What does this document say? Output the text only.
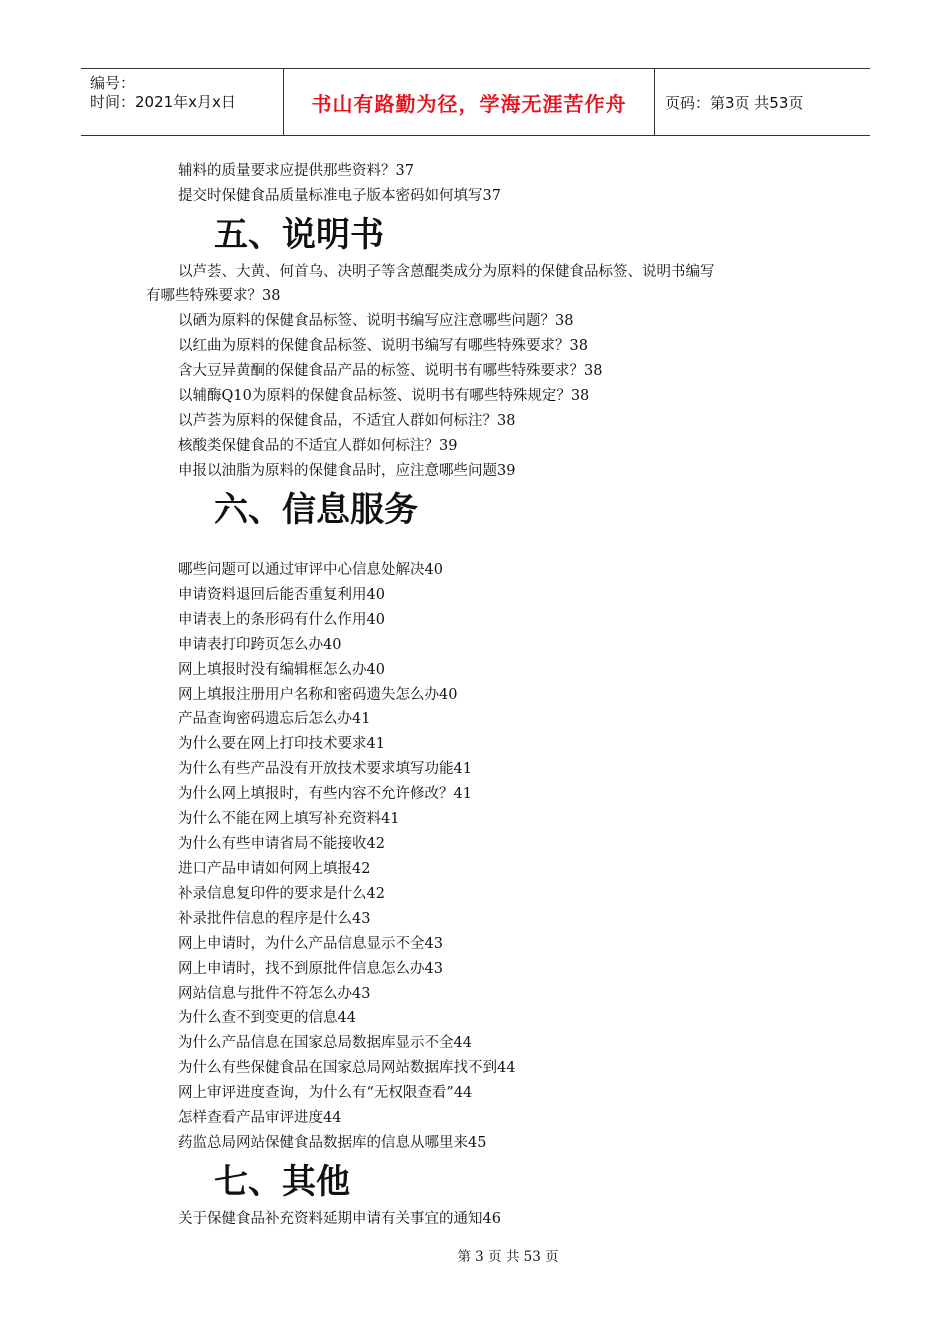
编号：
时间：2021年x月x日	书山有路勤为径，学海无涯苦作舟	页码：第3页 共53页
辅料的质量要求应提供那些资料？37
提交时保健食品质量标准电子版本密码如何填写37
五、说明书
以芦荟、大黄、何首乌、决明子等含蒽醌类成分为原料的保健食品标签、说明书编写
有哪些特殊要求？38
以硒为原料的保健食品标签、说明书编写应注意哪些问题？38
以红曲为原料的保健食品标签、说明书编写有哪些特殊要求？38
含大豆异黄酮的保健食品产品的标签、说明书有哪些特殊要求？38
以辅酶Q10为原料的保健食品标签、说明书有哪些特殊规定？38
以芦荟为原料的保健食品，不适宜人群如何标注？38
核酸类保健食品的不适宜人群如何标注？39
申报以油脂为原料的保健食品时，应注意哪些问题39
六、信息服务
哪些问题可以通过审评中心信息处解决40
申请资料退回后能否重复利用40
申请表上的条形码有什么作用40
申请表打印跨页怎么办40
网上填报时没有编辑框怎么办40
网上填报注册用户名称和密码遗失怎么办40
产品查询密码遗忘后怎么办41
为什么要在网上打印技术要求41
为什么有些产品没有开放技术要求填写功能41
为什么网上填报时，有些内容不允许修改？41
为什么不能在网上填写补充资料41
为什么有些申请省局不能接收42
进口产品申请如何网上填报42
补录信息复印件的要求是什么42
补录批件信息的程序是什么43
网上申请时，为什么产品信息显示不全43
网上申请时，找不到原批件信息怎么办43
网站信息与批件不符怎么办43
为什么查不到变更的信息44
为什么产品信息在国家总局数据库显示不全44
为什么有些保健食品在国家总局网站数据库找不到44
网上审评进度查询，为什么有“无权限查看”44
怎样查看产品审评进度44
药监总局网站保健食品数据库的信息从哪里来45
七、其他
关于保健食品补充资料延期申请有关事宜的通知46
第 3 页 共 53 页
